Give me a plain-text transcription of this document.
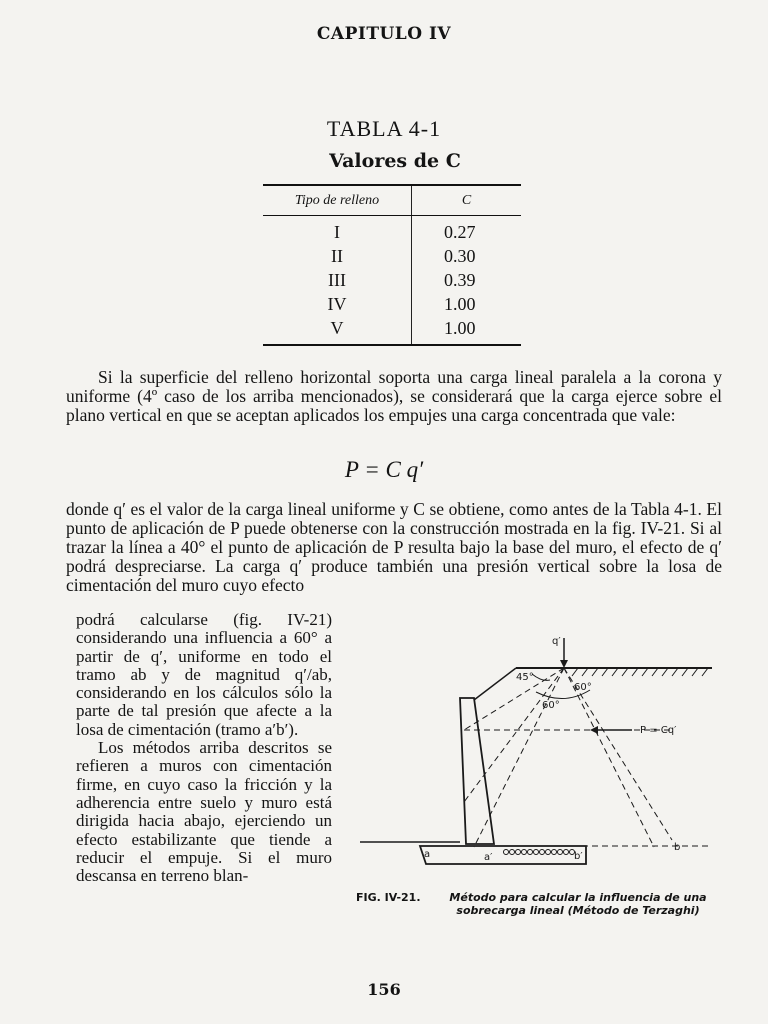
CAPITULO IV
TABLA 4-1
Valores de C
Tipo de relleno	C
I	0.27
II	0.30
III	0.39
IV	1.00
V	1.00
Si la superficie del relleno horizontal soporta una carga lineal paralela a la corona y uniforme (4º caso de los arriba mencionados), se considerará que la carga ejerce sobre el plano vertical en que se aceptan aplicados los empujes una carga concentrada que vale:
P = C q′
donde q′ es el valor de la carga lineal uniforme y C se obtiene, como antes de la Tabla 4-1. El punto de aplicación de P puede obtenerse con la construcción mostrada en la fig. IV-21. Si al trazar la línea a 40° el punto de aplicación de P resulta bajo la base del muro, el efecto de q′ podrá despreciarse. La carga q′ produce también una presión vertical sobre la losa de cimentación del muro cuyo efecto

podrá calcularse (fig. IV-21) considerando una influencia a 60° a partir de q′, uniforme en todo el tramo ab y de magnitud q′/ab, considerando en los cálculos sólo la parte de tal presión que afecte a la losa de cimentación (tramo a′b′).

Los métodos arriba descritos se refieren a muros con cimentación firme, en cuyo caso la fricción y la adherencia entre suelo y muro está dirigida hacia abajo, ejerciendo un efecto estabilizante que tiende a reducir el empuje. Si el muro descansa en terreno blan-

q′
45°
60°
60°
P = Cq′
a	a′	b′
b
FIG. IV-21.	Método para calcular la influencia de una sobrecarga lineal (Método de Terzaghi)
156
